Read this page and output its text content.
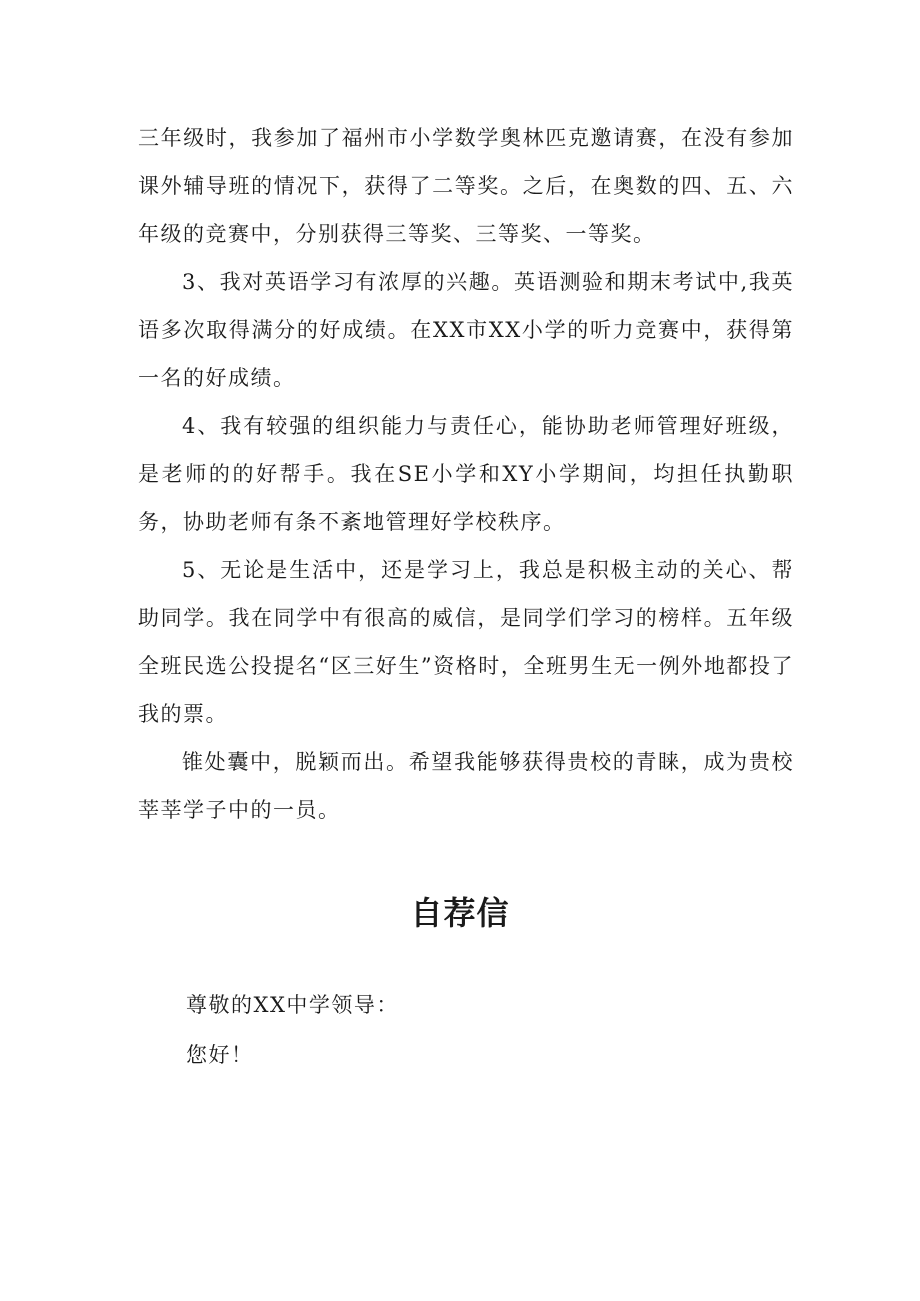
三年级时，我参加了福州市小学数学奥林匹克邀请赛，在没有参加课外辅导班的情况下，获得了二等奖。之后，在奥数的四、五、六年级的竞赛中，分别获得三等奖、三等奖、一等奖。

3、我对英语学习有浓厚的兴趣。英语测验和期末考试中,我英语多次取得满分的好成绩。在XX市XX小学的听力竞赛中，获得第一名的好成绩。

4、我有较强的组织能力与责任心，能协助老师管理好班级，是老师的的好帮手。我在SE小学和XY小学期间，均担任执勤职务，协助老师有条不紊地管理好学校秩序。

5、无论是生活中，还是学习上，我总是积极主动的关心、帮助同学。我在同学中有很高的威信，是同学们学习的榜样。五年级全班民选公投提名“区三好生”资格时，全班男生无一例外地都投了我的票。

锥处囊中，脱颖而出。希望我能够获得贵校的青睐，成为贵校莘莘学子中的一员。

自荐信

尊敬的XX中学领导：

您好！
